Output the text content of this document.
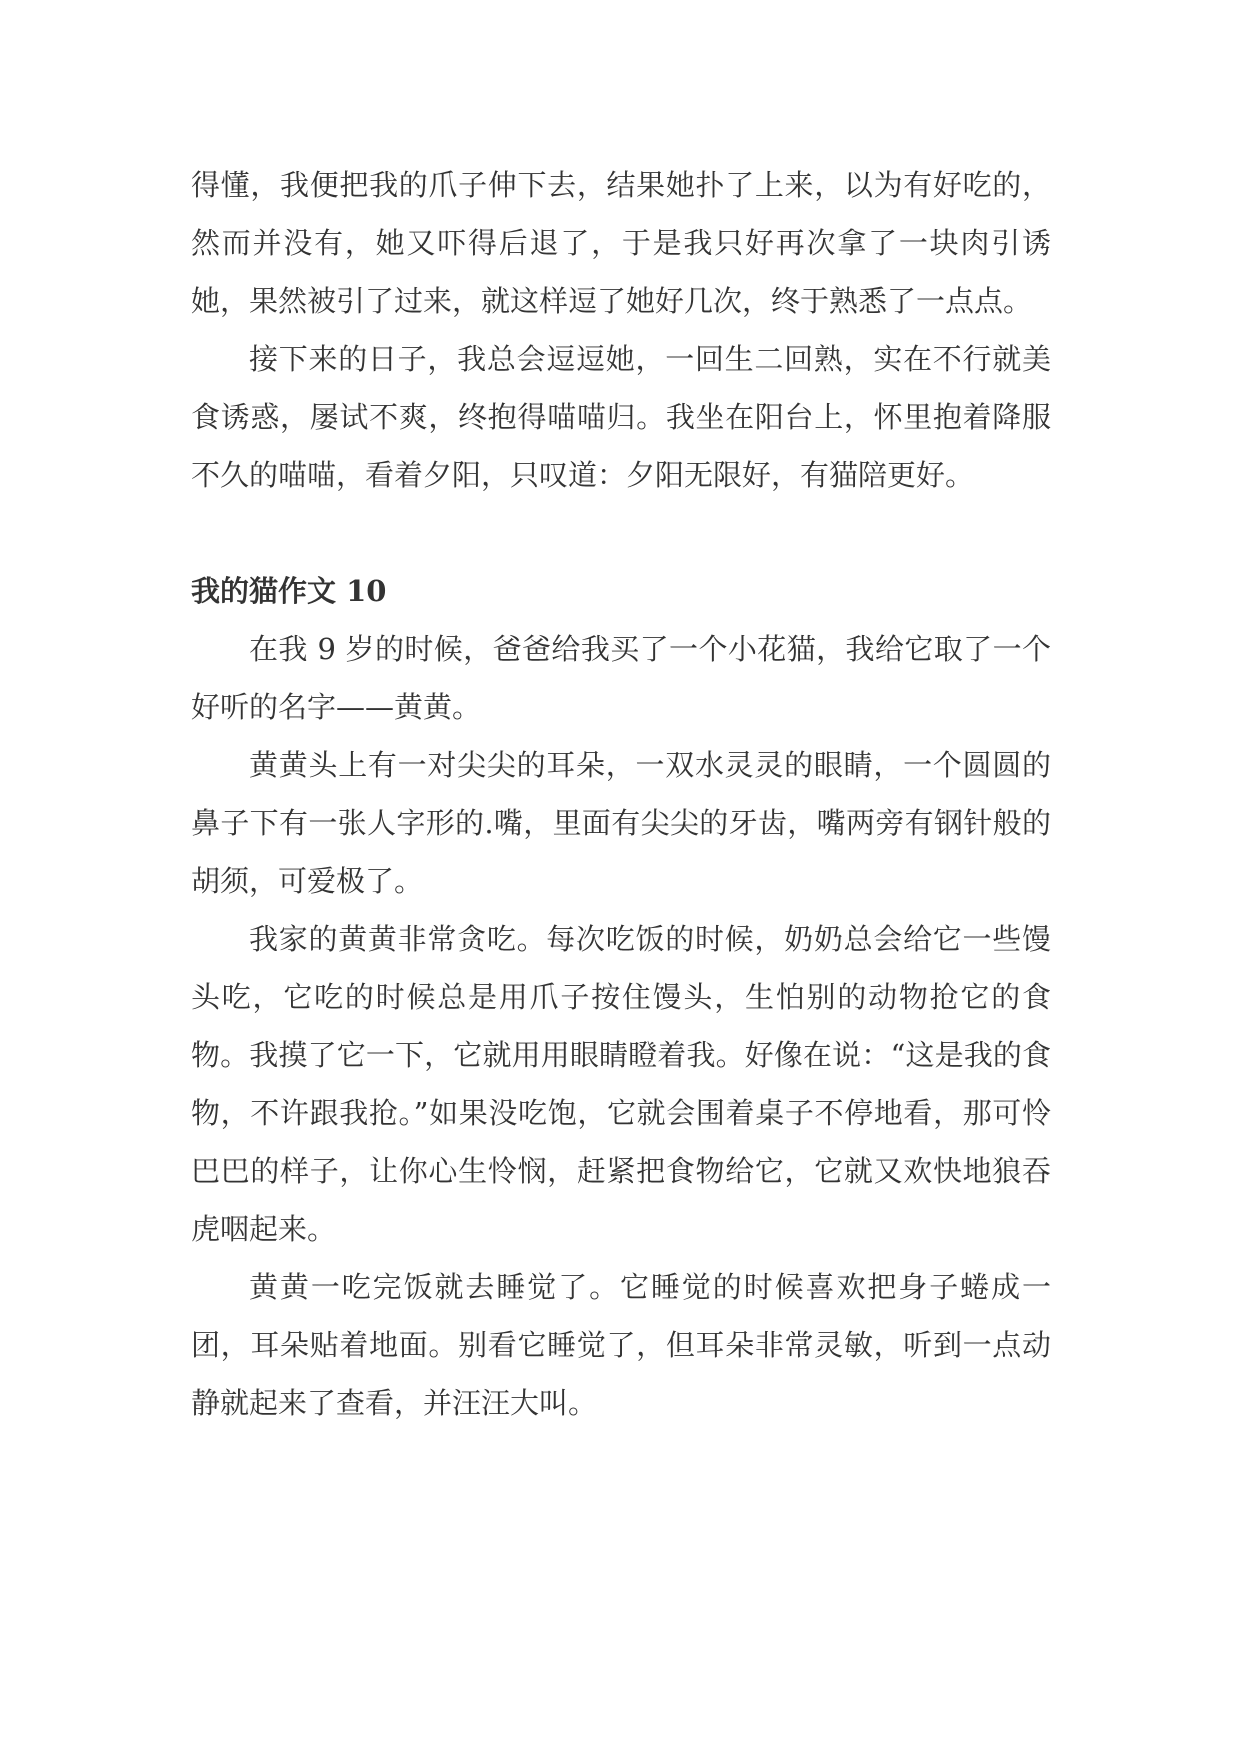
得懂，我便把我的爪子伸下去，结果她扑了上来，以为有好吃的，然而并没有，她又吓得后退了，于是我只好再次拿了一块肉引诱她，果然被引了过来，就这样逗了她好几次，终于熟悉了一点点。

接下来的日子，我总会逗逗她，一回生二回熟，实在不行就美食诱惑，屡试不爽，终抱得喵喵归。我坐在阳台上，怀里抱着降服不久的喵喵，看着夕阳，只叹道：夕阳无限好，有猫陪更好。

我的猫作文 10

在我 9 岁的时候，爸爸给我买了一个小花猫，我给它取了一个好听的名字——黄黄。

黄黄头上有一对尖尖的耳朵，一双水灵灵的眼睛，一个圆圆的鼻子下有一张人字形的.嘴，里面有尖尖的牙齿，嘴两旁有钢针般的胡须，可爱极了。

我家的黄黄非常贪吃。每次吃饭的时候，奶奶总会给它一些馒头吃，它吃的时候总是用爪子按住馒头，生怕别的动物抢它的食物。我摸了它一下，它就用用眼睛瞪着我。好像在说：“这是我的食物，不许跟我抢。”如果没吃饱，它就会围着桌子不停地看，那可怜巴巴的样子，让你心生怜悯，赶紧把食物给它，它就又欢快地狼吞虎咽起来。

黄黄一吃完饭就去睡觉了。它睡觉的时候喜欢把身子蜷成一团，耳朵贴着地面。别看它睡觉了，但耳朵非常灵敏，听到一点动静就起来了查看，并汪汪大叫。
